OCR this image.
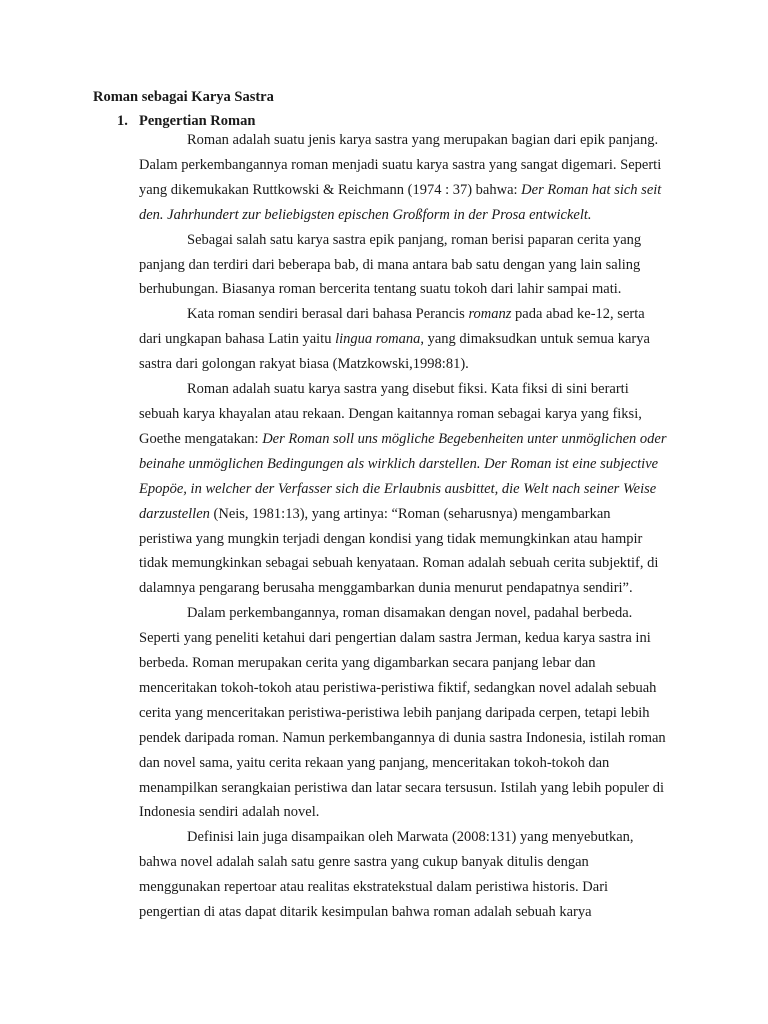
Roman sebagai Karya Sastra
1. Pengertian Roman

Roman adalah suatu jenis karya sastra yang merupakan bagian dari epik panjang. Dalam perkembangannya roman menjadi suatu karya sastra yang sangat digemari. Seperti yang dikemukakan Ruttkowski & Reichmann (1974 : 37) bahwa: Der Roman hat sich seit den. Jahrhundert zur beliebigsten epischen Großform in der Prosa entwickelt.

Sebagai salah satu karya sastra epik panjang, roman berisi paparan cerita yang panjang dan terdiri dari beberapa bab, di mana antara bab satu dengan yang lain saling berhubungan. Biasanya roman bercerita tentang suatu tokoh dari lahir sampai mati.

Kata roman sendiri berasal dari bahasa Perancis romanz pada abad ke-12, serta dari ungkapan bahasa Latin yaitu lingua romana, yang dimaksudkan untuk semua karya sastra dari golongan rakyat biasa (Matzkowski,1998:81).

Roman adalah suatu karya sastra yang disebut fiksi. Kata fiksi di sini berarti sebuah karya khayalan atau rekaan. Dengan kaitannya roman sebagai karya yang fiksi, Goethe mengatakan: Der Roman soll uns mögliche Begebenheiten unter unmöglichen oder beinahe unmöglichen Bedingungen als wirklich darstellen. Der Roman ist eine subjective Epopöe, in welcher der Verfasser sich die Erlaubnis ausbittet, die Welt nach seiner Weise darzustellen (Neis, 1981:13), yang artinya: “Roman (seharusnya) mengambarkan peristiwa yang mungkin terjadi dengan kondisi yang tidak memungkinkan atau hampir tidak memungkinkan sebagai sebuah kenyataan. Roman adalah sebuah cerita subjektif, di dalamnya pengarang berusaha menggambarkan dunia menurut pendapatnya sendiri”.

Dalam perkembangannya, roman disamakan dengan novel, padahal berbeda. Seperti yang peneliti ketahui dari pengertian dalam sastra Jerman, kedua karya sastra ini berbeda. Roman merupakan cerita yang digambarkan secara panjang lebar dan menceritakan tokoh-tokoh atau peristiwa-peristiwa fiktif, sedangkan novel adalah sebuah cerita yang menceritakan peristiwa-peristiwa lebih panjang daripada cerpen, tetapi lebih pendek daripada roman. Namun perkembangannya di dunia sastra Indonesia, istilah roman dan novel sama, yaitu cerita rekaan yang panjang, menceritakan tokoh-tokoh dan menampilkan serangkaian peristiwa dan latar secara tersusun. Istilah yang lebih populer di Indonesia sendiri adalah novel.

Definisi lain juga disampaikan oleh Marwata (2008:131) yang menyebutkan, bahwa novel adalah salah satu genre sastra yang cukup banyak ditulis dengan menggunakan repertoar atau realitas ekstratekstual dalam peristiwa historis. Dari pengertian di atas dapat ditarik kesimpulan bahwa roman adalah sebuah karya
